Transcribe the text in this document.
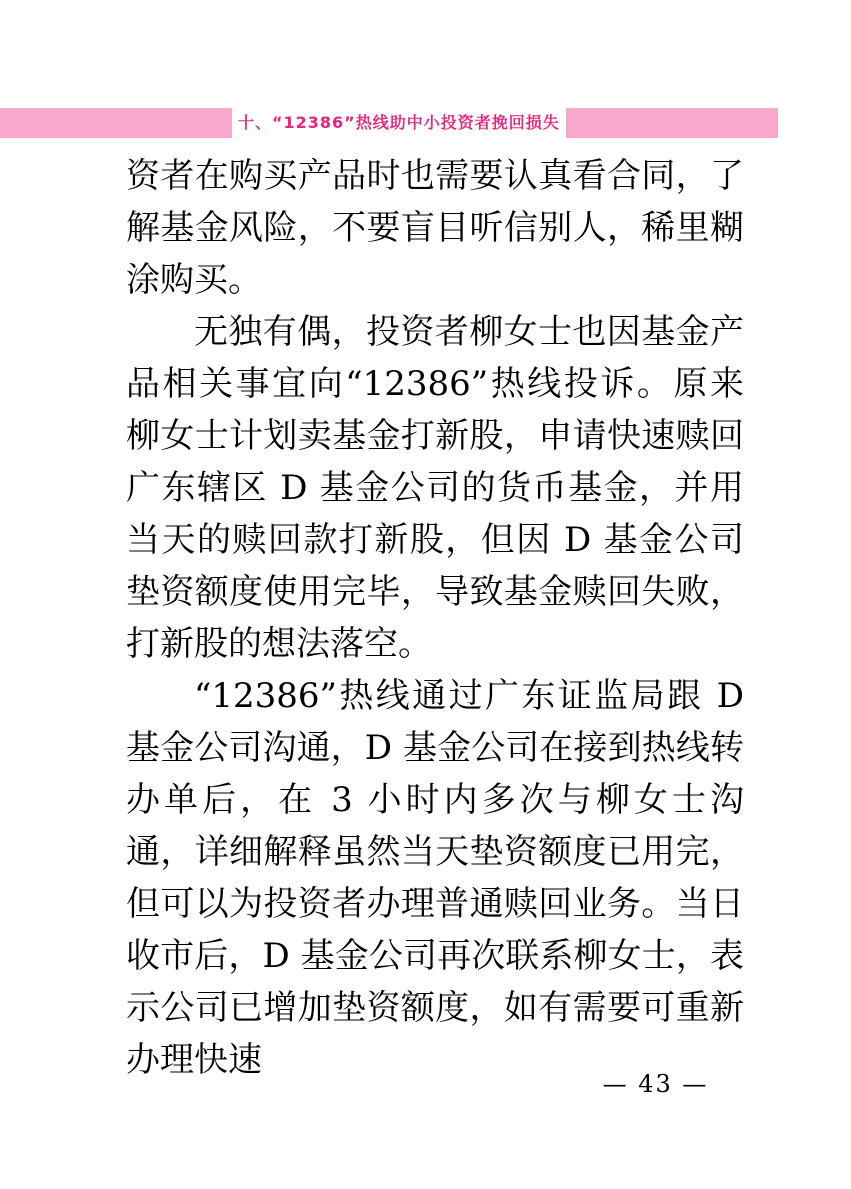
十、“12386”热线助中小投资者挽回损失

资者在购买产品时也需要认真看合同，了解基金风险，不要盲目听信别人，稀里糊涂购买。

无独有偶，投资者柳女士也因基金产品相关事宜向“12386”热线投诉。原来柳女士计划卖基金打新股，申请快速赎回广东辖区 D 基金公司的货币基金，并用当天的赎回款打新股，但因 D 基金公司垫资额度使用完毕，导致基金赎回失败，打新股的想法落空。

“12386”热线通过广东证监局跟 D 基金公司沟通，D 基金公司在接到热线转办单后，在 3 小时内多次与柳女士沟通，详细解释虽然当天垫资额度已用完，但可以为投资者办理普通赎回业务。当日收市后，D 基金公司再次联系柳女士，表示公司已增加垫资额度，如有需要可重新办理快速

— 43 —
